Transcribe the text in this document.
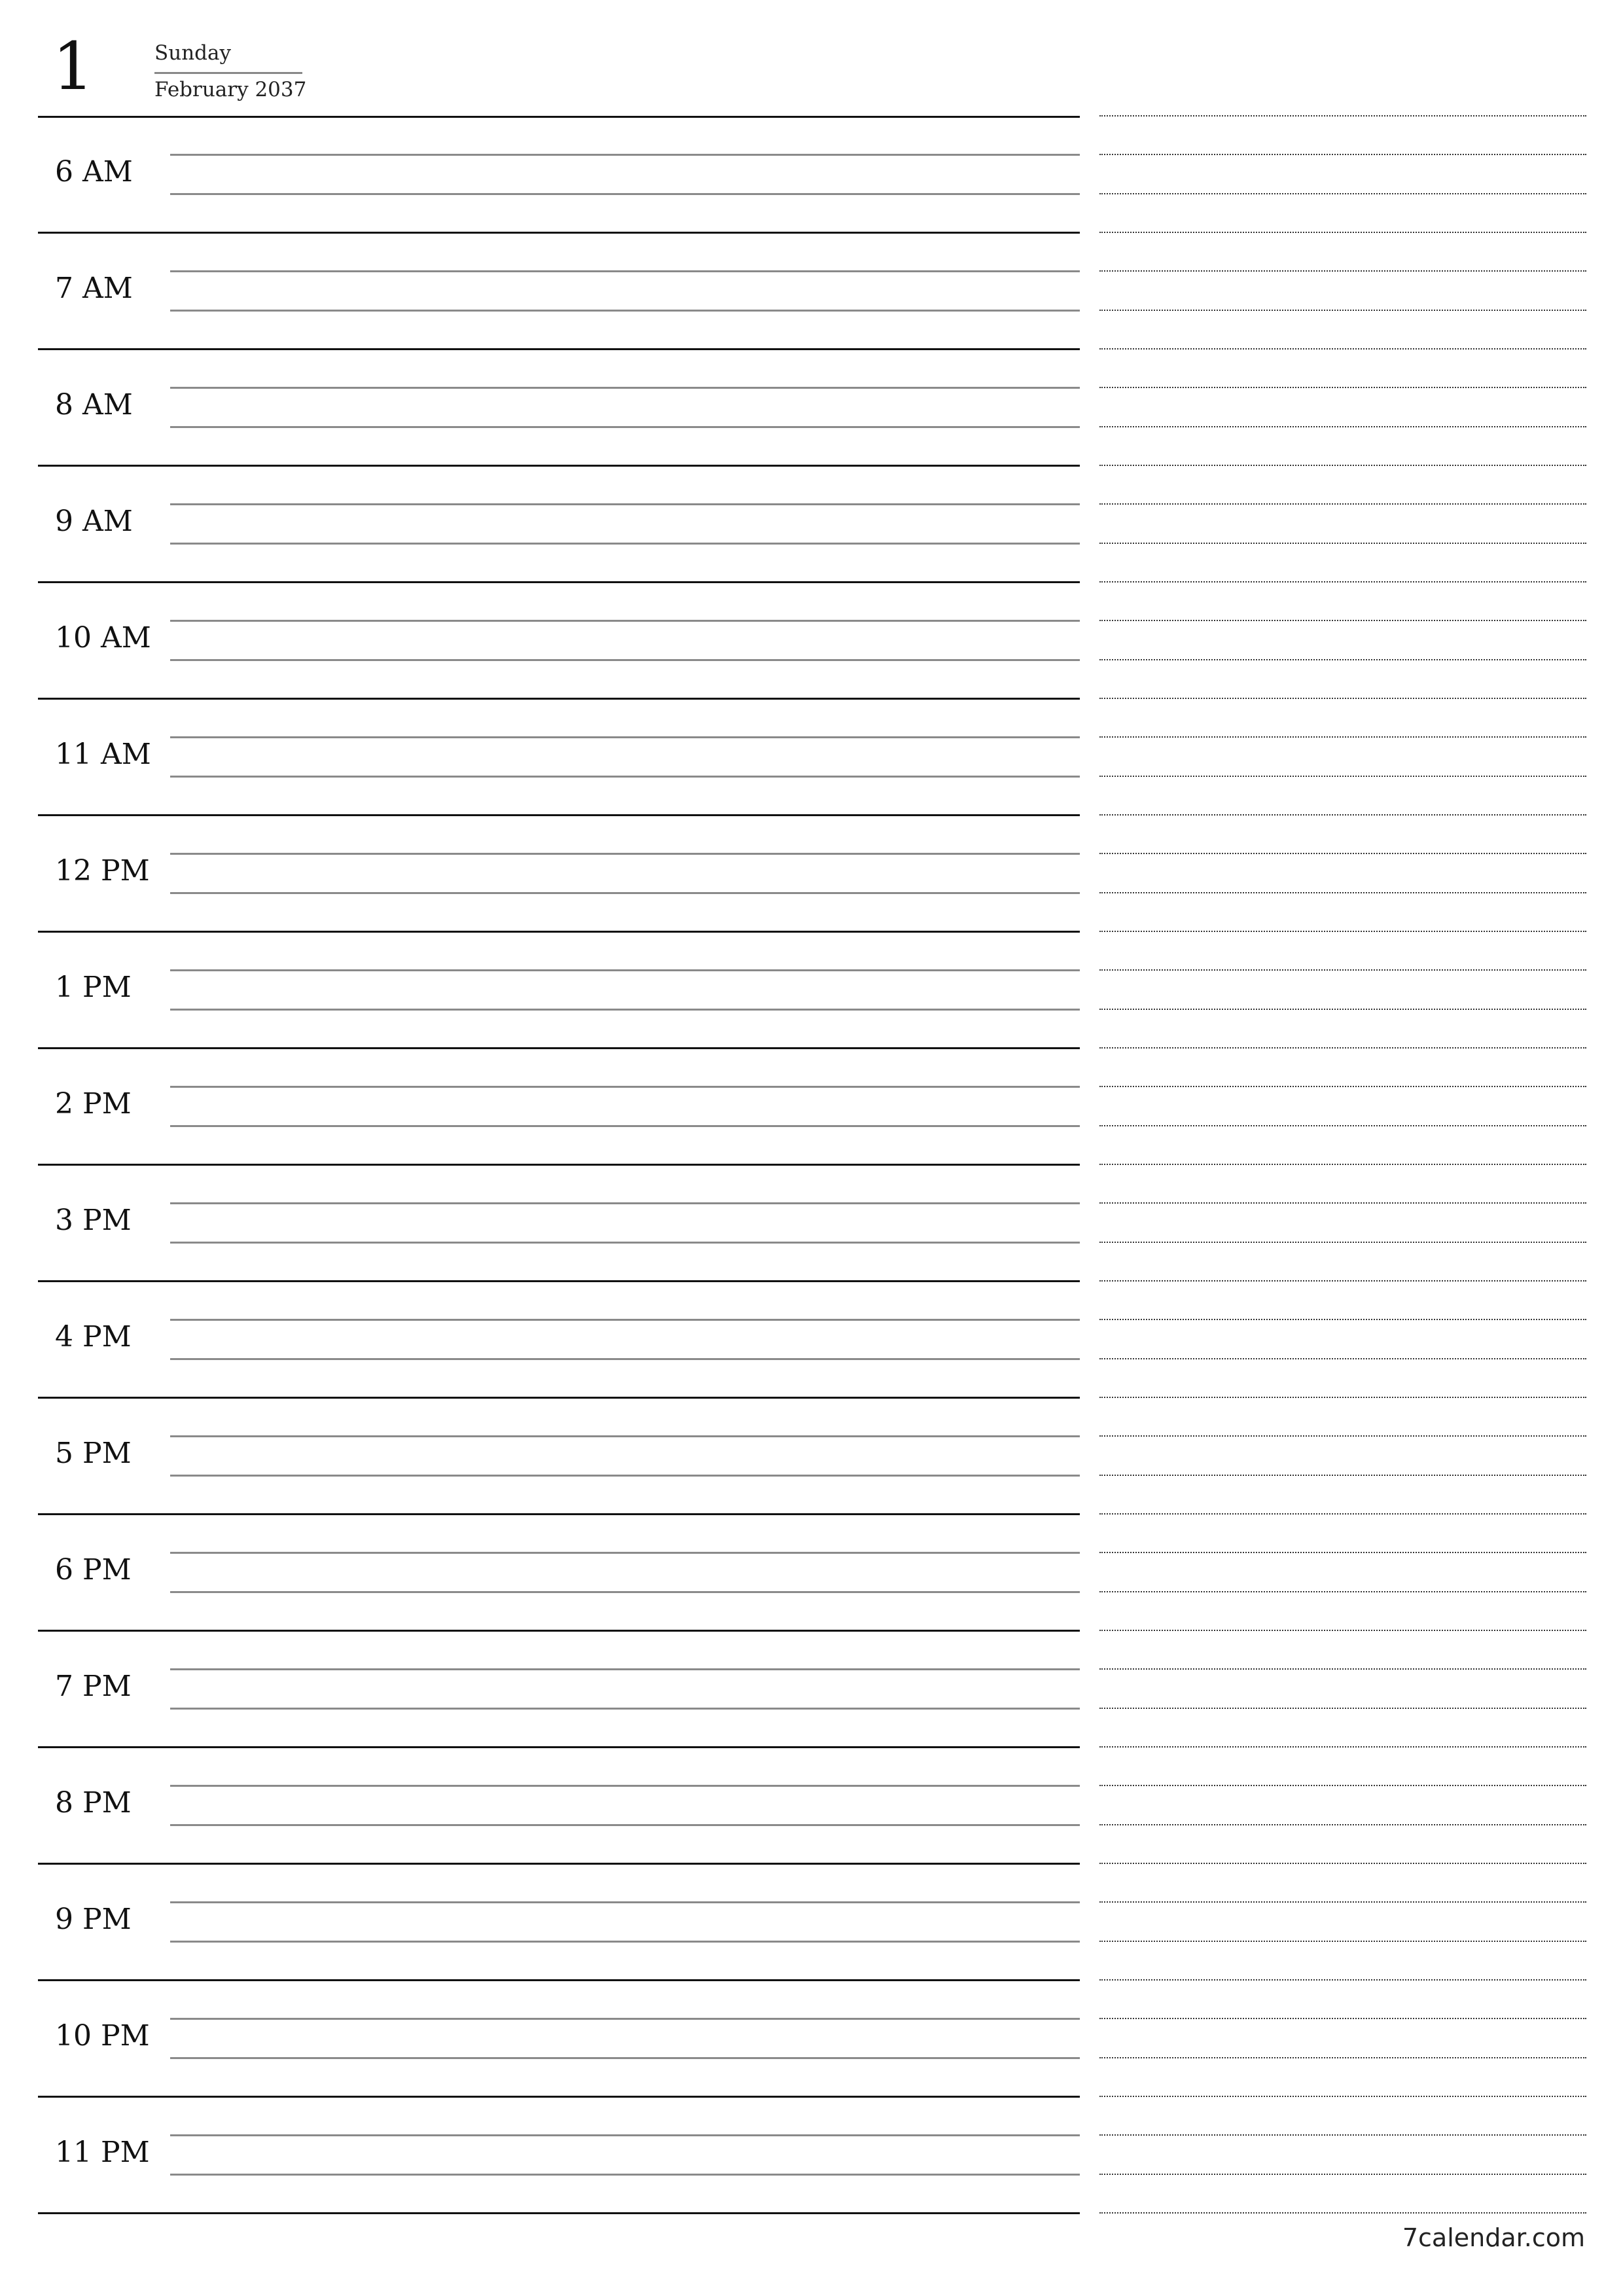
1	Sunday
February 2037
6 AM
7 AM
8 AM
9 AM
10 AM
11 AM
12 PM
1 PM
2 PM
3 PM
4 PM
5 PM
6 PM
7 PM
8 PM
9 PM
10 PM
11 PM
7calendar.com
